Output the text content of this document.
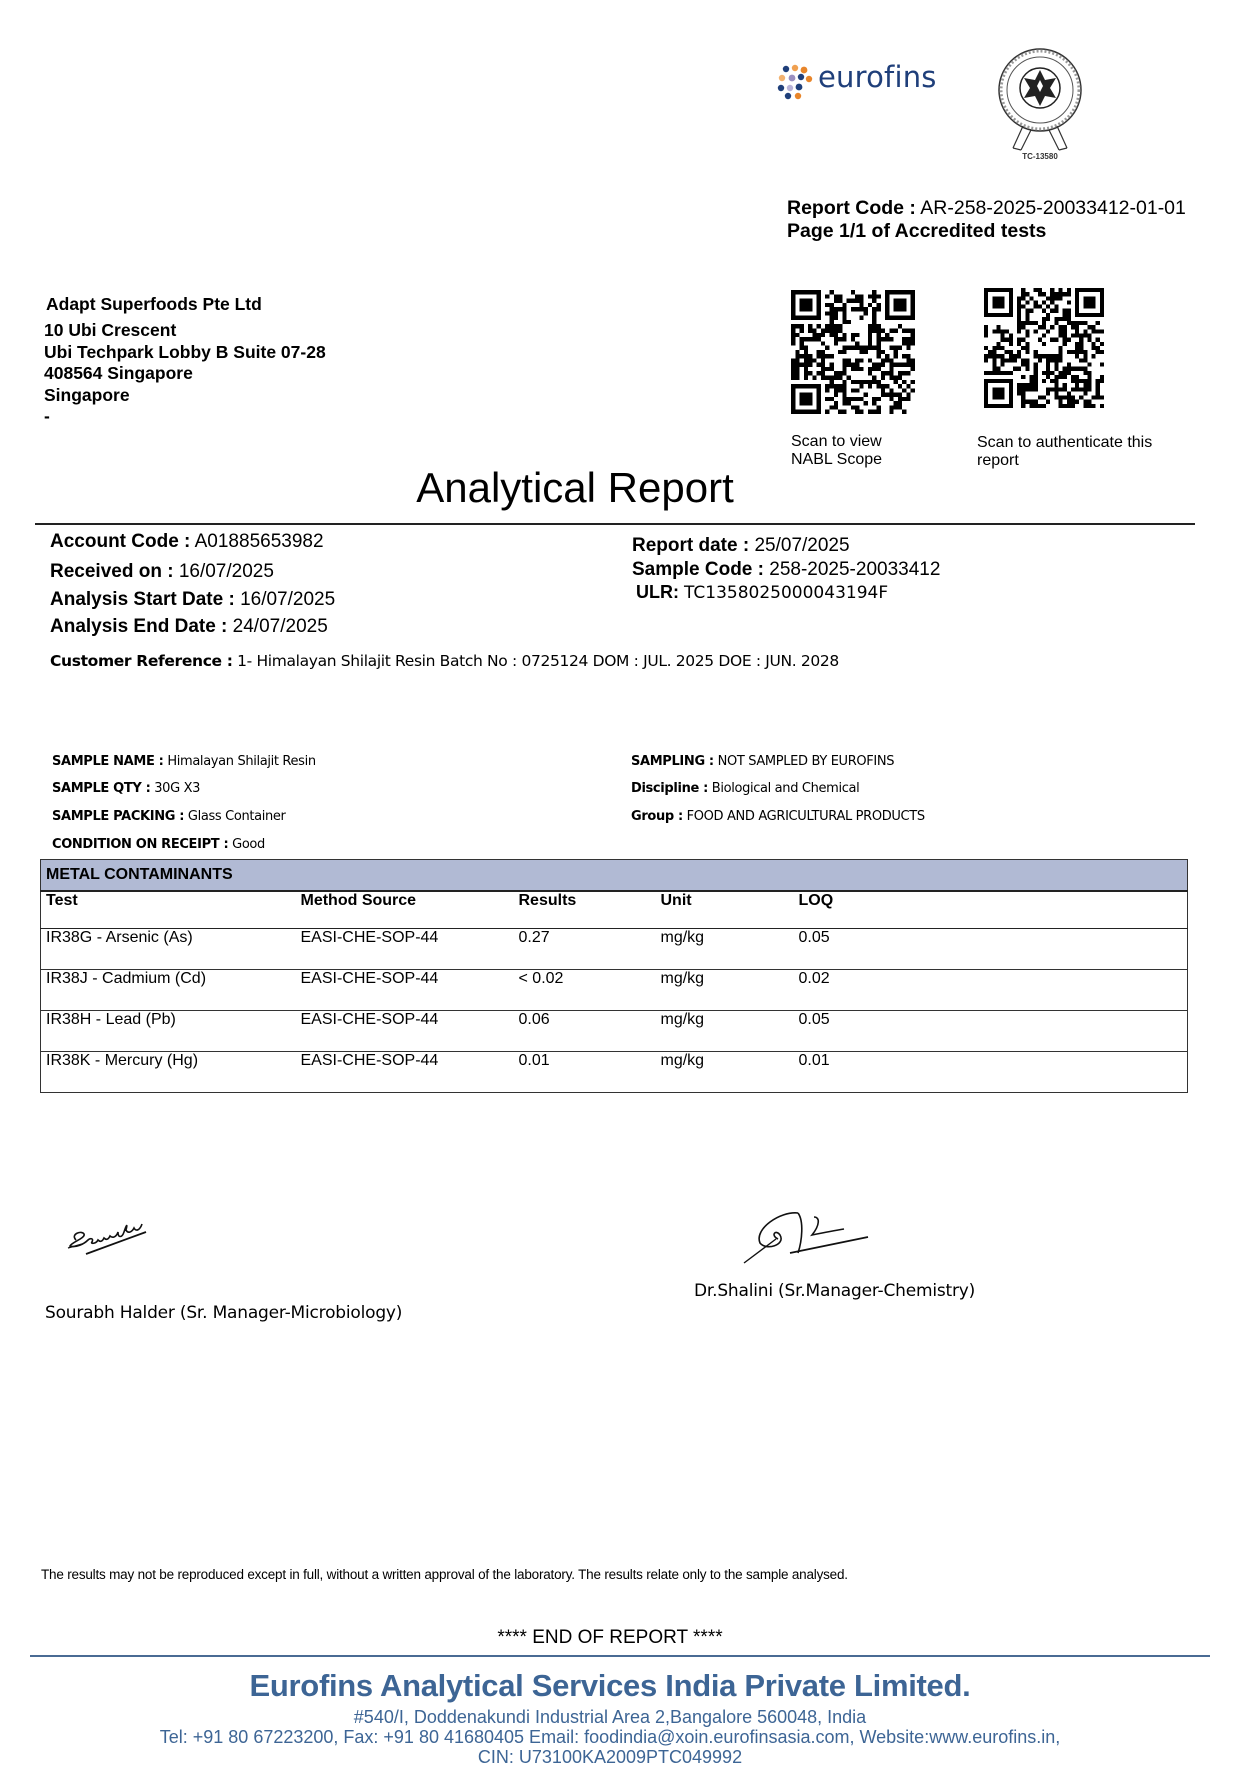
eurofins
TC-13580
Report Code : AR-258-2025-20033412-01-01
Page 1/1 of Accredited tests
Adapt Superfoods Pte Ltd
10 Ubi Crescent
Ubi Techpark Lobby B Suite 07-28
408564 Singapore
Singapore
-
Scan to view
NABL Scope
Scan to authenticate this
report
Analytical Report
Account Code : A01885653982
Received on : 16/07/2025
Analysis Start Date : 16/07/2025
Analysis End Date : 24/07/2025
Report date : 25/07/2025
Sample Code : 258-2025-20033412
ULR: TC1358025000043194F
Customer Reference : 1- Himalayan Shilajit Resin Batch No : 0725124 DOM : JUL. 2025 DOE : JUN. 2028
SAMPLE NAME : Himalayan Shilajit Resin
SAMPLE QTY : 30G X3
SAMPLE PACKING : Glass Container
CONDITION ON RECEIPT : Good
SAMPLING : NOT SAMPLED BY EUROFINS
Discipline : Biological and Chemical
Group : FOOD AND AGRICULTURAL PRODUCTS
METAL CONTAMINANTS				
Test	Method Source	Results	Unit	LOQ
IR38G - Arsenic (As)	EASI-CHE-SOP-44	0.27	mg/kg	0.05
IR38J - Cadmium (Cd)	EASI-CHE-SOP-44	< 0.02	mg/kg	0.02
IR38H - Lead (Pb)	EASI-CHE-SOP-44	0.06	mg/kg	0.05
IR38K - Mercury (Hg)	EASI-CHE-SOP-44	0.01	mg/kg	0.01
Sourabh Halder (Sr. Manager-Microbiology)
Dr.Shalini (Sr.Manager-Chemistry)
The results may not be reproduced except in full, without a written approval of the laboratory. The results relate only to the sample analysed.
**** END OF REPORT ****
Eurofins Analytical Services India Private Limited.
#540/I, Doddenakundi Industrial Area 2,Bangalore 560048, India
Tel: +91 80 67223200, Fax: +91 80 41680405 Email: foodindia@xoin.eurofinsasia.com, Website:www.eurofins.in,
CIN: U73100KA2009PTC049992
